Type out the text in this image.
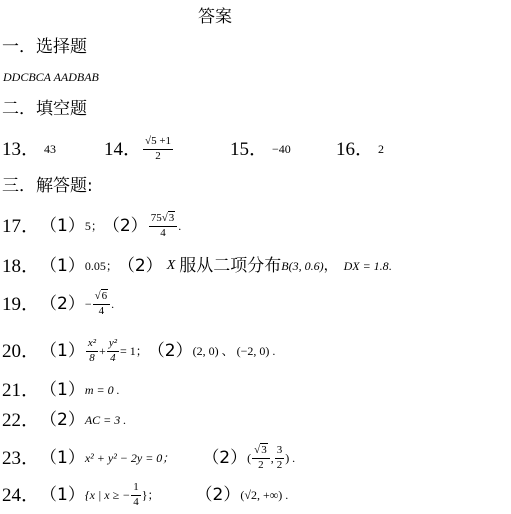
答案
一．选择题
DDCBCA AADBAB
二．填空题
13． 43	14． $\frac{√5 +1}{2}$	15． −40 16． 2
三．解答题:
17． （1） 5； $(2) \frac{75√3}{4}$ .
18． （1） 0.05； （2） X 服从二项分布 B(3, 0.6) ， DX = 1.8 .
19． $(2) - \frac{√6}{4}$ .
20． $(1) \frac{\text{x²}}{8} + \frac{\text{y²}}{4} = 1$； （2） (2, 0) 、 (−2, 0) .
21． （1） m = 0 .
22． （2） AC = 3 .
23． （1） x² + y² − 2y = 0； （2） ( $\frac{√3}{2}$ , $\frac{3}{2}$ ) .
24． （1） {x | x ≥ − $\frac{1}{4}$ }； （2） (√2, +∞) .
